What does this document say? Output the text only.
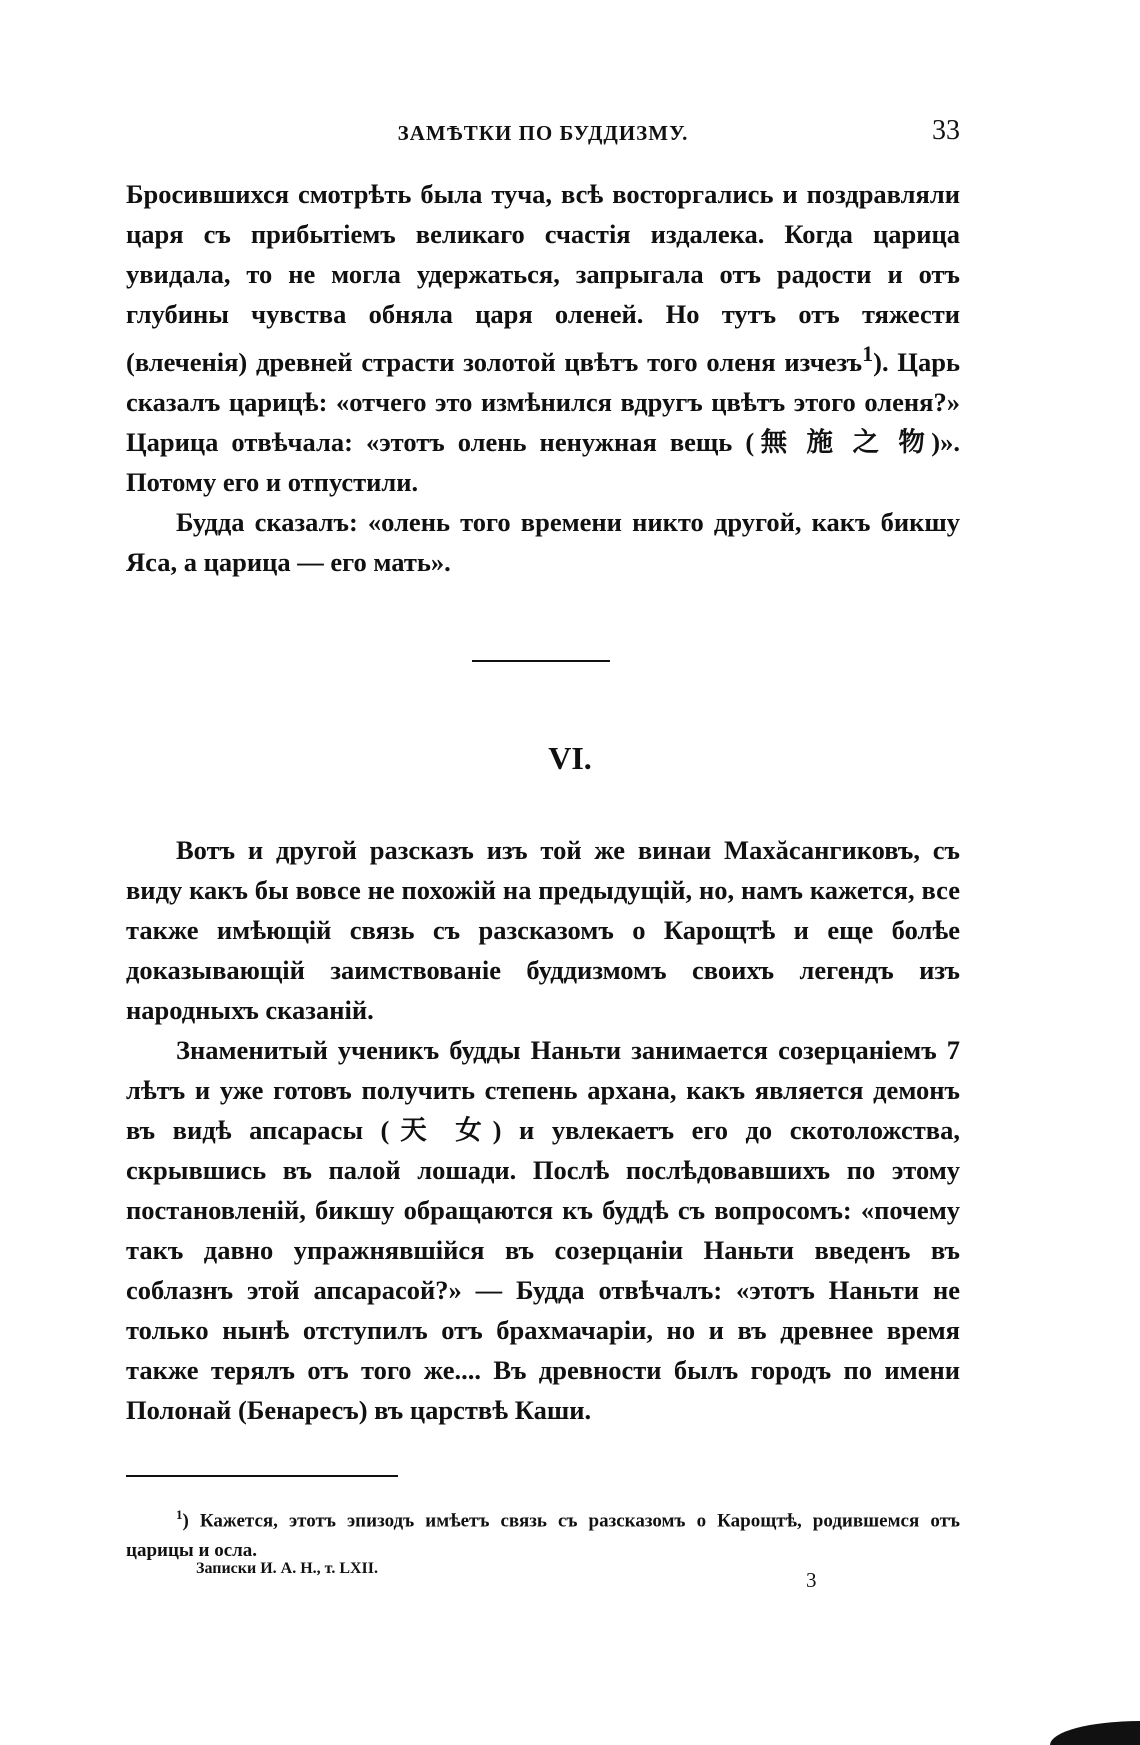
ЗАМѢТКИ ПО БУДДИЗМУ.	33

Бросившихся смотрѣть была туча, всѣ восторгались и поздравляли царя съ прибытіемъ великаго счастія издалека. Когда царица увидала, то не могла удержаться, запрыгала отъ радости и отъ глубины чувства обняла царя оленей. Но тутъ отъ тяжести (влеченія) древней страсти золотой цвѣтъ того оленя изчезъ$^1$). Царь сказалъ царицѣ: «отчего это измѣнился вдругъ цвѣтъ этого оленя?» Царица отвѣчала: «этотъ олень ненужная вещь (無 施 之 物)». Потому его и отпустили.

Будда сказалъ: «олень того времени никто другой, какъ бикшу Яса, а царица — его мать».

VI.

Вотъ и другой разсказъ изъ той же винаи Махăсангиковъ, съ виду какъ бы вовсе не похожій на предыдущій, но, намъ кажется, все также имѣющій связь съ разсказомъ о Карощтѣ и еще болѣе доказывающій заимствованіе буддизмомъ своихъ легендъ изъ народныхъ сказаній.

Знаменитый ученикъ будды Наньти занимается созерцаніемъ 7 лѣтъ и уже готовъ получить степень архана, какъ является демонъ въ видѣ апсарасы (天 女) и увлекаетъ его до скотоложства, скрывшись въ палой лошади. Послѣ послѣдовавшихъ по этому постановленій, бикшу обращаются къ буддѣ съ вопросомъ: «почему такъ давно упражнявшійся въ созерцаніи Наньти введенъ въ соблазнъ этой апсарасой?» — Будда отвѣчалъ: «этотъ Наньти не только нынѣ отступилъ отъ брахмачаріи, но и въ древнее время также терялъ отъ того же.... Въ древности былъ городъ по имени Полонай (Бенаресъ) въ царствѣ Каши.

$^1$) Кажется, этотъ эпизодъ имѣетъ связь съ разсказомъ о Карощтѣ, родившемся отъ царицы и осла.

Записки И. А. Н., т. LXII.	3
